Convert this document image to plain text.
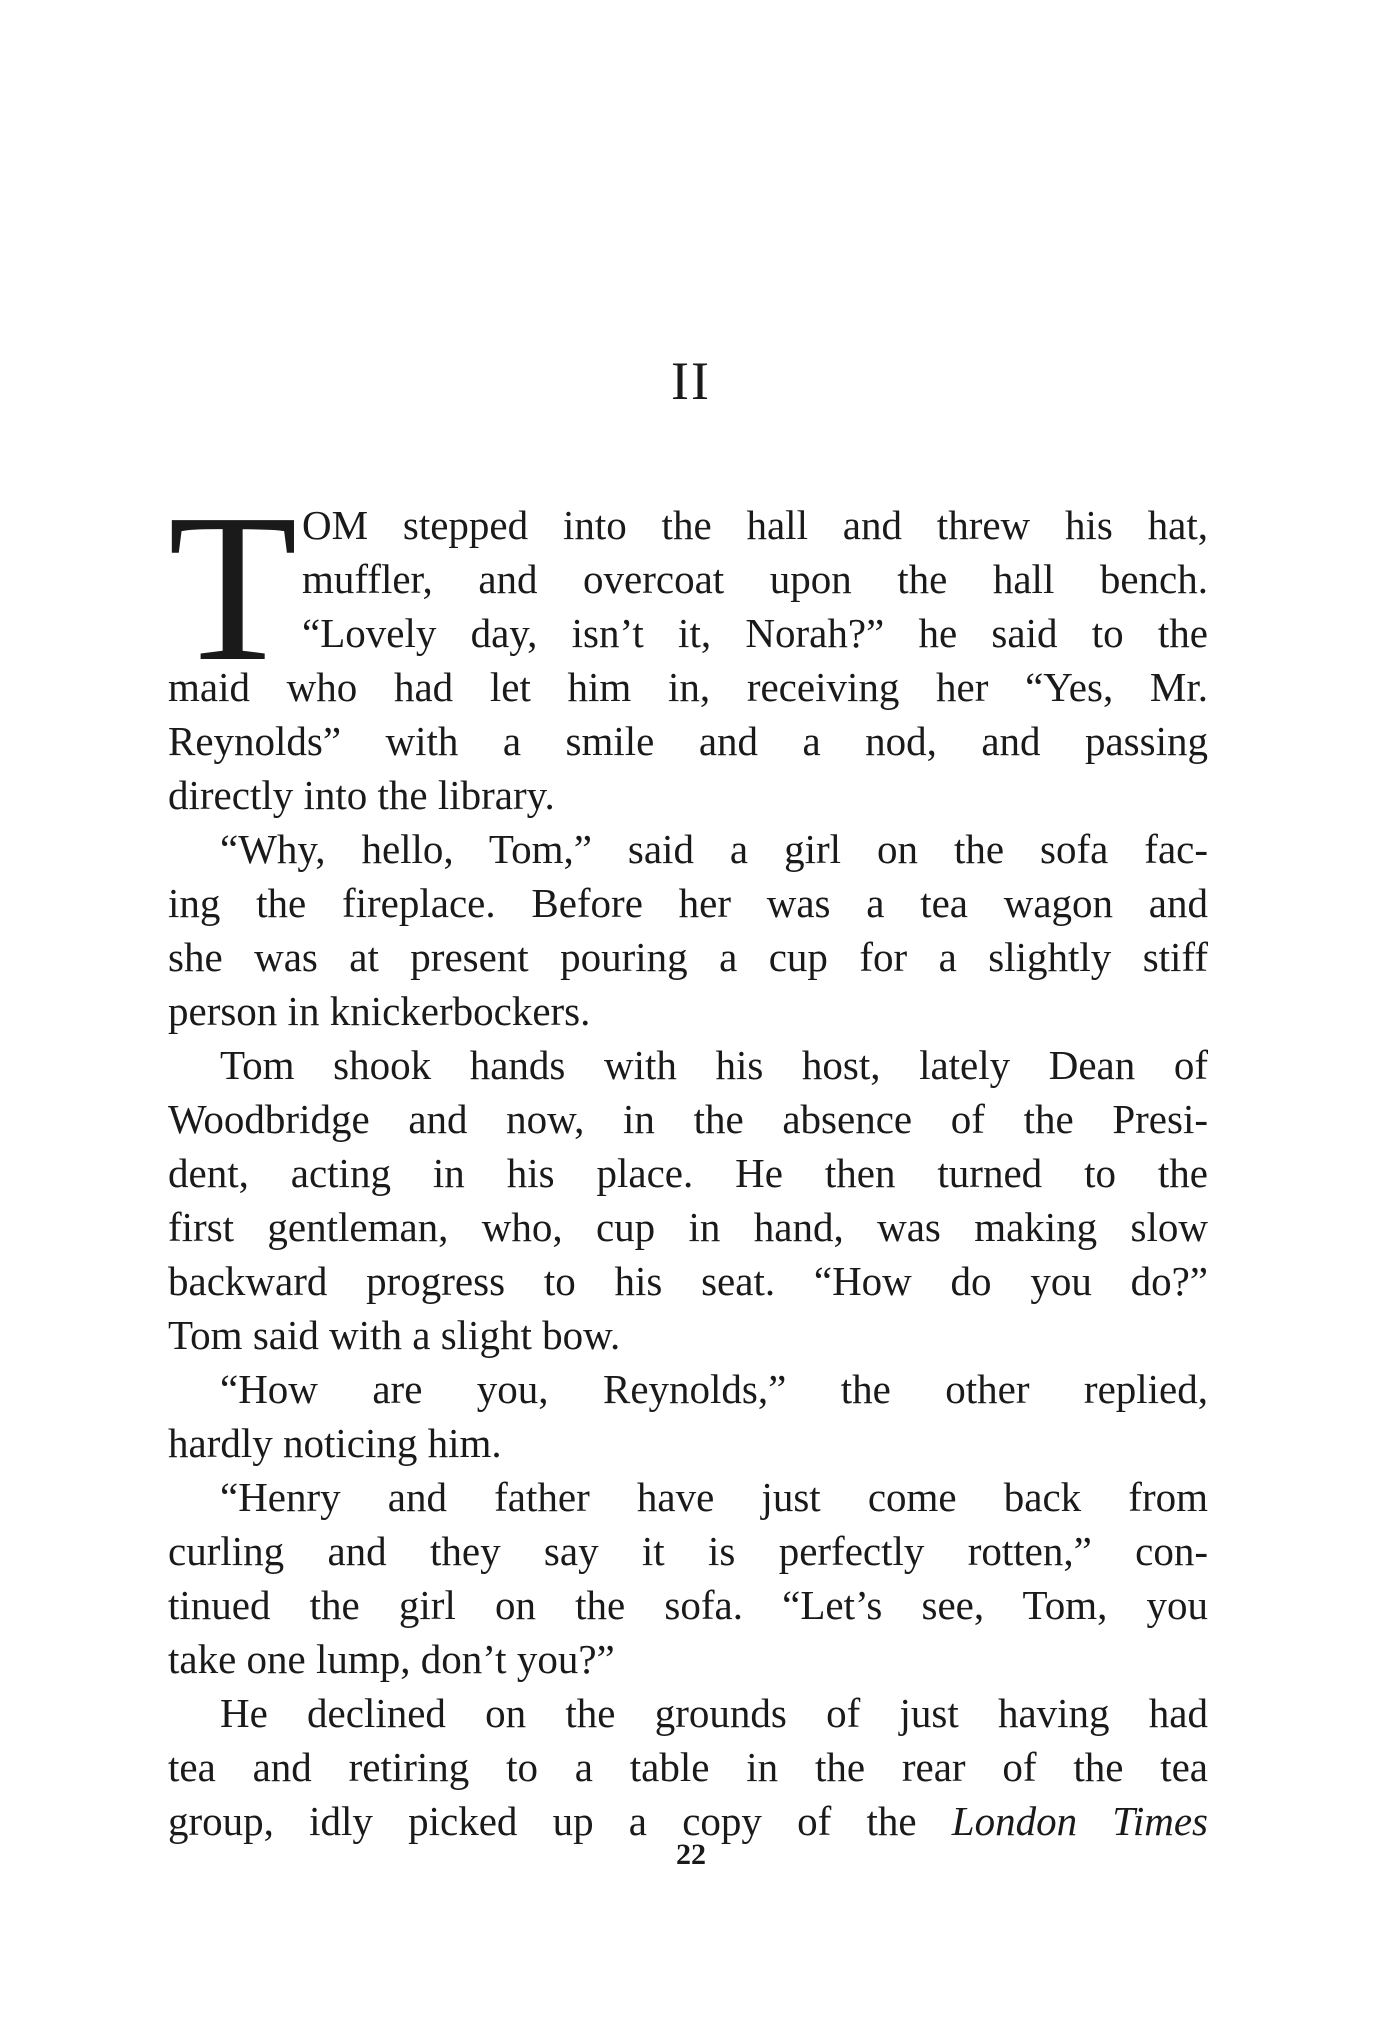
II
T OM stepped into the hall and threw his hat,
muffler, and overcoat upon the hall bench.
“Lovely day, isn’t it, Norah?” he said to the
maid who had let him in, receiving her “Yes, Mr.
Reynolds” with a smile and a nod, and passing
directly into the library.
“Why, hello, Tom,” said a girl on the sofa fac-
ing the fireplace. Before her was a tea wagon and
she was at present pouring a cup for a slightly stiff
person in knickerbockers.
Tom shook hands with his host, lately Dean of
Woodbridge and now, in the absence of the Presi-
dent, acting in his place. He then turned to the
first gentleman, who, cup in hand, was making slow
backward progress to his seat. “How do you do?”
Tom said with a slight bow.
“How are you, Reynolds,” the other replied,
hardly noticing him.
“Henry and father have just come back from
curling and they say it is perfectly rotten,” con-
tinued the girl on the sofa. “Let’s see, Tom, you
take one lump, don’t you?”
He declined on the grounds of just having had
tea and retiring to a table in the rear of the tea
group, idly picked up a copy of the London Times
22
